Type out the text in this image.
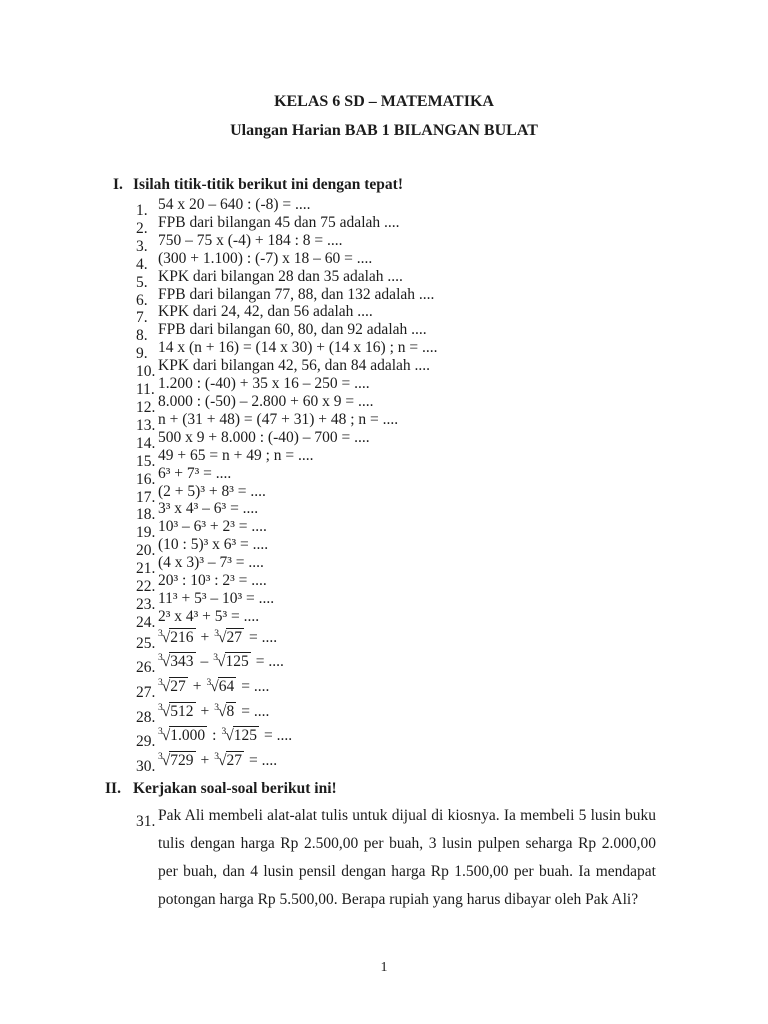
KELAS 6 SD – MATEMATIKA
Ulangan Harian BAB 1 BILANGAN BULAT
I. Isilah titik-titik berikut ini dengan tepat!
1. 54 x 20 – 640 : (-8) = ....
2. FPB dari bilangan 45 dan 75 adalah ....
3. 750 – 75 x (-4) + 184 : 8 = ....
4. (300 + 1.100) : (-7) x 18 – 60 = ....
5. KPK dari bilangan 28 dan 35 adalah ....
6. FPB dari bilangan 77, 88, dan 132 adalah ....
7. KPK dari 24, 42, dan 56 adalah ....
8. FPB dari bilangan 60, 80, dan 92 adalah ....
9. 14 x (n + 16) = (14 x 30) + (14 x 16) ; n = ....
10. KPK dari bilangan 42, 56, dan 84 adalah ....
11. 1.200 : (-40) + 35 x 16 – 250 = ....
12. 8.000 : (-50) – 2.800 + 60 x 9 = ....
13. n + (31 + 48) = (47 + 31) + 48 ; n = ....
14. 500 x 9 + 8.000 : (-40) – 700 = ....
15. 49 + 65 = n + 49 ; n = ....
16. 6³ + 7³ = ....
17. (2 + 5)³ + 8³ = ....
18. 3³ x 4³ – 6³ = ....
19. 10³ – 6³ + 2³ = ....
20. (10 : 5)³ x 6³ = ....
21. (4 x 3)³ – 7³ = ....
22. 20³ : 10³ : 2³ = ....
23. 11³ + 5³ – 10³ = ....
24. 2³ x 4³ + 5³ = ....
25.
$^3$√216 + $^3$√27 = ....
26.
$^3$√343 – $^3$√125 = ....
27.
$^3$√27 + $^3$√64 = ....
28.
$^3$√512 + $^3$√8 = ....
29.
$^3$√1.000 : $^3$√125 = ....
30.
$^3$√729 + $^3$√27 = ....
II. Kerjakan soal-soal berikut ini!
31. Pak Ali membeli alat-alat tulis untuk dijual di kiosnya. Ia membeli 5 lusin buku tulis dengan harga Rp 2.500,00 per buah, 3 lusin pulpen seharga Rp 2.000,00 per buah, dan 4 lusin pensil dengan harga Rp 1.500,00 per buah. Ia mendapat potongan harga Rp 5.500,00. Berapa rupiah yang harus dibayar oleh Pak Ali?
1
